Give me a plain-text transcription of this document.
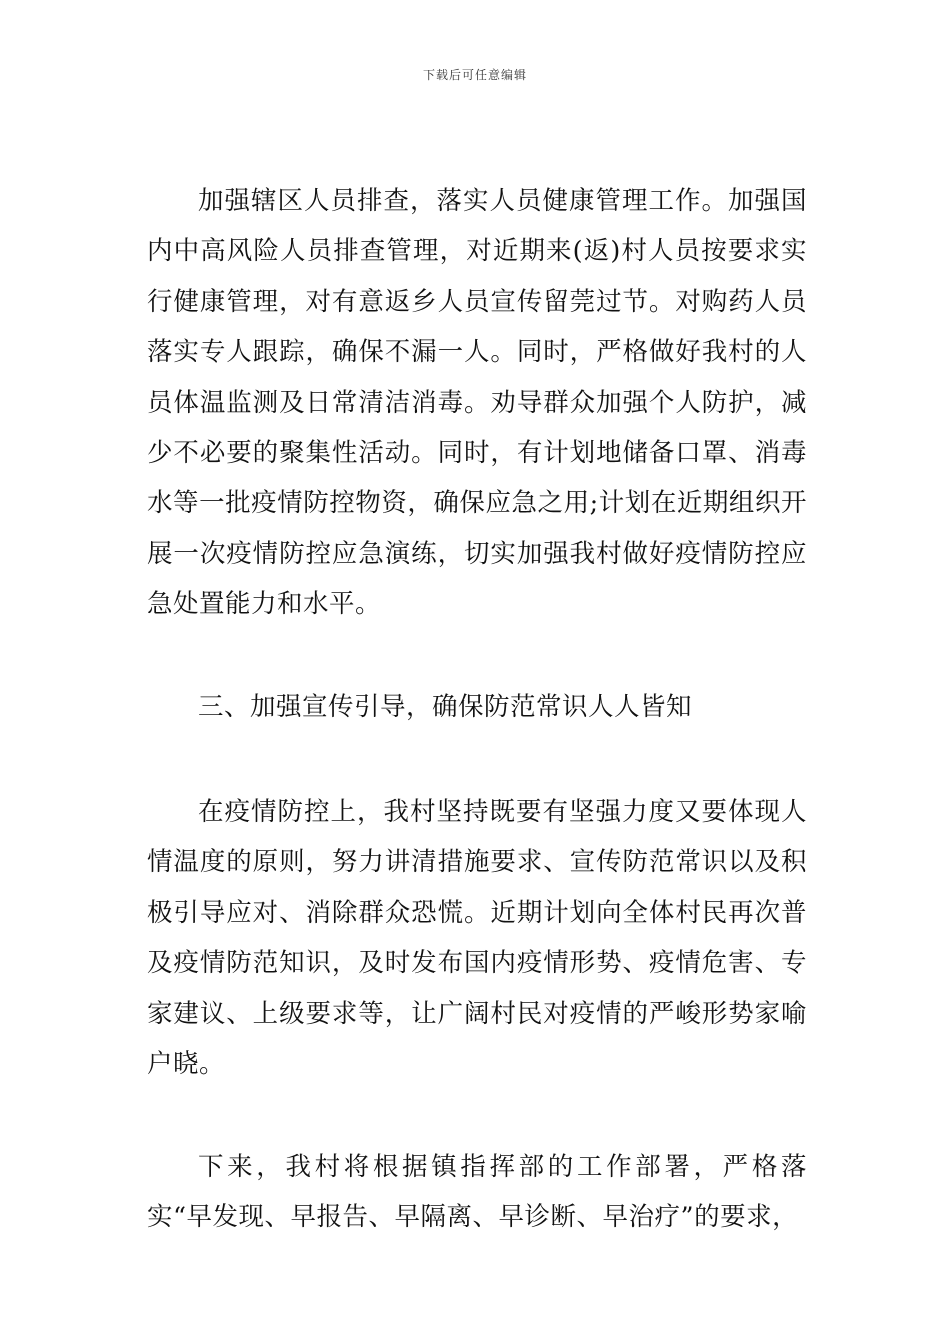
下载后可任意编辑

加强辖区人员排查，落实人员健康管理工作。加强国内中高风险人员排查管理，对近期来(返)村人员按要求实行健康管理，对有意返乡人员宣传留莞过节。对购药人员落实专人跟踪，确保不漏一人。同时，严格做好我村的人员体温监测及日常清洁消毒。劝导群众加强个人防护，减少不必要的聚集性活动。同时，有计划地储备口罩、消毒水等一批疫情防控物资，确保应急之用;计划在近期组织开展一次疫情防控应急演练，切实加强我村做好疫情防控应急处置能力和水平。

三、加强宣传引导，确保防范常识人人皆知

在疫情防控上，我村坚持既要有坚强力度又要体现人情温度的原则，努力讲清措施要求、宣传防范常识以及积极引导应对、消除群众恐慌。近期计划向全体村民再次普及疫情防范知识，及时发布国内疫情形势、疫情危害、专家建议、上级要求等，让广阔村民对疫情的严峻形势家喻户晓。

下来，我村将根据镇指挥部的工作部署，严格落实“早发现、早报告、早隔离、早诊断、早治疗”的要求，
